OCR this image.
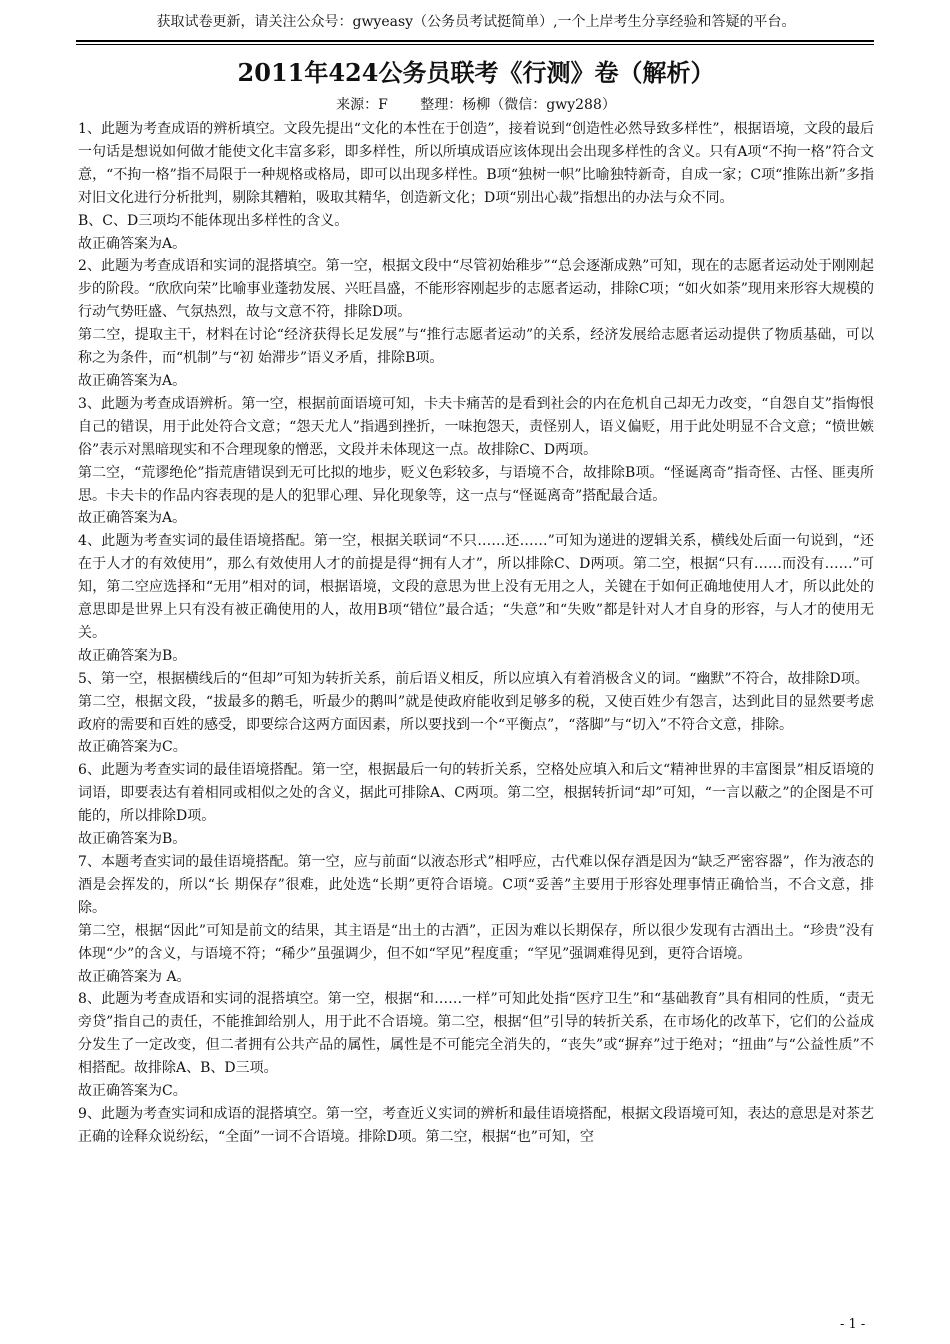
获取试卷更新，请关注公众号：gwyeasy（公务员考试挺简单）,一个上岸考生分享经验和答疑的平台。
2011年424公务员联考《行测》卷（解析）
来源：F 整理：杨柳（微信：gwy288）

1、此题为考查成语的辨析填空。文段先提出“文化的本性在于创造”，接着说到“创造性必然导致多样性”，根据语境，文段的最后一句话是想说如何做才能使文化丰富多彩，即多样性，所以所填成语应该体现出会出现多样性的含义。只有A项“不拘一格”符合文意，“不拘一格”指不局限于一种规格或格局，即可以出现多样性。B项“独树一帜”比喻独特新奇，自成一家；C项“推陈出新”多指对旧文化进行分析批判，剔除其糟粕，吸取其精华，创造新文化；D项“别出心裁”指想出的办法与众不同。

B、C、D三项均不能体现出多样性的含义。

故正确答案为A。

2、此题为考查成语和实词的混搭填空。第一空，根据文段中“尽管初始稚步”“总会逐渐成熟”可知，现在的志愿者运动处于刚刚起步的阶段。“欣欣向荣”比喻事业蓬勃发展、兴旺昌盛，不能形容刚起步的志愿者运动，排除C项；“如火如荼”现用来形容大规模的行动气势旺盛、气氛热烈，故与文意不符，排除D项。

第二空，提取主干，材料在讨论“经济获得长足发展”与“推行志愿者运动”的关系，经济发展给志愿者运动提供了物质基础，可以称之为条件，而“机制”与“初 始滞步”语义矛盾，排除B项。

故正确答案为A。

3、此题为考查成语辨析。第一空，根据前面语境可知，卡夫卡痛苦的是看到社会的内在危机自己却无力改变，“自怨自艾”指悔恨自己的错误，用于此处符合文意；“怨天尤人”指遇到挫折，一味抱怨天，责怪别人，语义偏贬，用于此处明显不合文意；“愤世嫉俗”表示对黑暗现实和不合理现象的憎恶，文段并未体现这一点。故排除C、D两项。

第二空，“荒谬绝伦”指荒唐错误到无可比拟的地步，贬义色彩较多，与语境不合，故排除B项。“怪诞离奇”指奇怪、古怪、匪夷所思。卡夫卡的作品内容表现的是人的犯罪心理、异化现象等，这一点与“怪诞离奇”搭配最合适。

故正确答案为A。

4、此题为考查实词的最佳语境搭配。第一空，根据关联词“不只……还……”可知为递进的逻辑关系，横线处后面一句说到，“还在于人才的有效使用”，那么有效使用人才的前提是得“拥有人才”，所以排除C、D两项。第二空，根据“只有……而没有……”可知，第二空应选择和“无用”相对的词，根据语境，文段的意思为世上没有无用之人，关键在于如何正确地使用人才，所以此处的意思即是世界上只有没有被正确使用的人，故用B项“错位”最合适；“失意”和“失败”都是针对人才自身的形容，与人才的使用无关。

故正确答案为B。

5、第一空，根据横线后的“但却”可知为转折关系，前后语义相反，所以应填入有着消极含义的词。“幽默”不符合，故排除D项。

第二空，根据文段，“拔最多的鹅毛，听最少的鹅叫”就是使政府能收到足够多的税，又使百姓少有怨言，达到此目的显然要考虑政府的需要和百姓的感受，即要综合这两方面因素，所以要找到一个“平衡点”，“落脚”与“切入”不符合文意，排除。

故正确答案为C。

6、此题为考查实词的最佳语境搭配。第一空，根据最后一句的转折关系，空格处应填入和后文“精神世界的丰富图景”相反语境的词语，即要表达有着相同或相似之处的含义，据此可排除A、C两项。第二空，根据转折词“却”可知，“一言以蔽之”的企图是不可能的，所以排除D项。

故正确答案为B。

7、本题考查实词的最佳语境搭配。第一空，应与前面“以液态形式”相呼应，古代难以保存酒是因为“缺乏严密容器”，作为液态的酒是会挥发的，所以“长 期保存”很难，此处选“长期”更符合语境。C项“妥善”主要用于形容处理事情正确恰当，不合文意，排除。

第二空，根据“因此”可知是前文的结果，其主语是“出土的古酒”，正因为难以长期保存，所以很少发现有古酒出土。“珍贵”没有体现“少”的含义，与语境不符；“稀少”虽强调少，但不如“罕见”程度重；“罕见”强调难得见到，更符合语境。

故正确答案为 A。

8、此题为考查成语和实词的混搭填空。第一空，根据“和……一样”可知此处指“医疗卫生”和“基础教育”具有相同的性质，“责无旁贷”指自己的责任，不能推卸给别人，用于此不合语境。第二空，根据“但”引导的转折关系，在市场化的改革下，它们的公益成分发生了一定改变，但二者拥有公共产品的属性，属性是不可能完全消失的，“丧失”或“摒弃”过于绝对；“扭曲”与“公益性质”不相搭配。故排除A、B、D三项。

故正确答案为C。

9、此题为考查实词和成语的混搭填空。第一空，考查近义实词的辨析和最佳语境搭配，根据文段语境可知，表达的意思是对茶艺正确的诠释众说纷纭，“全面”一词不合语境。排除D项。第二空，根据“也”可知，空

- 1 -
